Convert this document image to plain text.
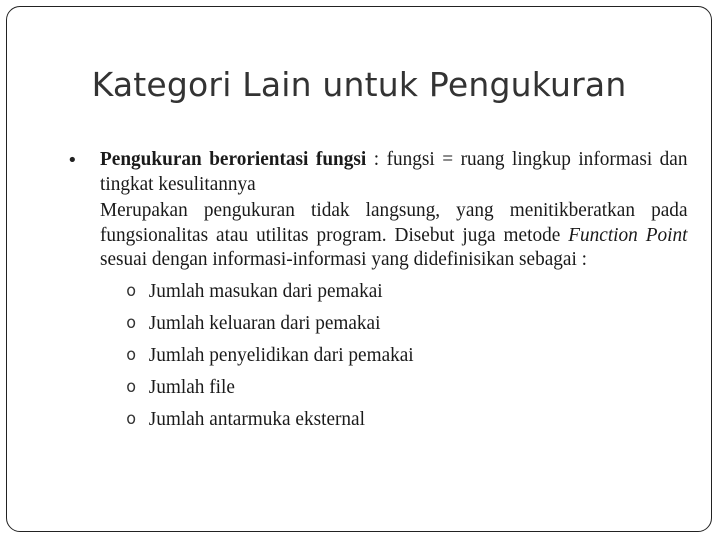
Kategori Lain untuk Pengukuran
• Pengukuran berorientasi fungsi : fungsi = ruang lingkup informasi dan tingkat kesulitannya
Merupakan pengukuran tidak langsung, yang menitikberatkan pada fungsionalitas atau utilitas program. Disebut juga metode Function Point sesuai dengan informasi-informasi yang didefinisikan sebagai :
o Jumlah masukan dari pemakai
o Jumlah keluaran dari pemakai
o Jumlah penyelidikan dari pemakai
o Jumlah file
o Jumlah antarmuka eksternal
